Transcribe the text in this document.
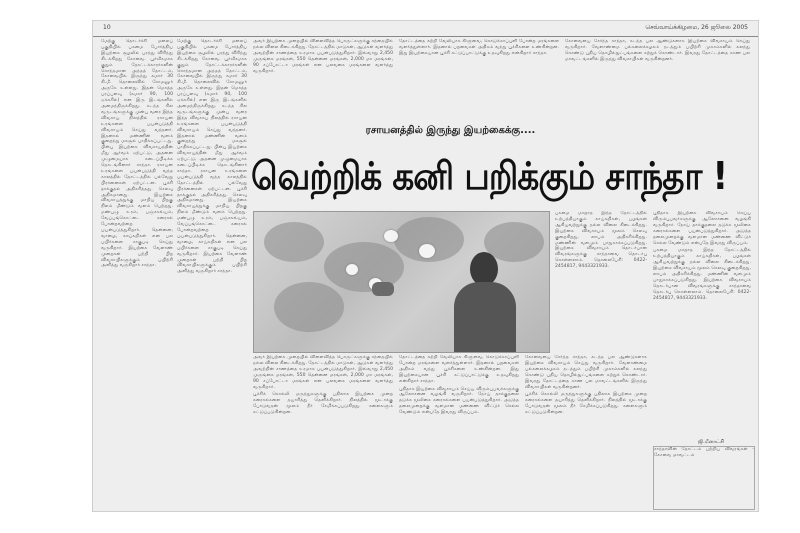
10	செவ்வாய்க்கிழமை, 26 ஜூலை 2005

மேற்கு தொடர்ச்சி மலைப் பகுதியில் பசுமை போர்த்திய இயற்கை சூழலில் பரந்து விரிந்து கிடக்கிறது கோவை. பூர்வீகமாக குறும் தோட்டக்காரர்களின் சொந்தமான அந்தத் தோட்டம், கோவையில் இருந்து சுமார் 30 கி.மீ. தொலைவில் சோமனூர் அருகே உள்ளது. இதன் மொத்த பரப்பளவு (சுமார் 90, 100 ஏக்கரில்) என இரு இடங்களில் அமைந்திருக்கிறது. கடந்த சில வருடங்களுக்கு முன்பு வரை இந்த விவசாய நிலத்தில் ரசாயன உரங்களை பயன்படுத்தி விவசாயம் செய்து வந்தனர். இதனால் மண்ணின் வளம் குறைந்து மகசூல் பாதிக்கப்பட்டது. பின்பு இயற்கை விவசாயத்தின் மீது ஆர்வம் ஏற்பட்டு, அதனை முழுமையாக கடைப்பிடிக்க தொடங்கினார் சாந்தா. ரசாயன உரங்களை பயன்படுத்தி வந்த காலத்தில் தோட்டத்தில் பல்வேறு பிரச்னைகள் ஏற்பட்டன. பூச்சி தாக்குதல் அதிகரித்தது. செலவு அதிகமானது. இயற்கை விவசாயத்துக்கு மாறிய பிறகு நிலம் மீண்டும் வளம் பெற்றது. மண்புழு உரம், பஞ்சகவ்யம், வேப்பங்கொட்டை கரைசல் போன்றவற்றை பயன்படுத்துகிறார். தென்னை, வாழை, காய்கறிகள் என பல பயிர்களை சாகுபடி செய்து வருகிறார். இயற்கை வேளாண் முறைகள் பற்றி பிற விவசாயிகளுக்கும் பயிற்சி அளித்து வருகிறார் சாந்தா.

மேற்கு தொடர்ச்சி மலைப் பகுதியில் பசுமை போர்த்திய இயற்கை சூழலில் பரந்து விரிந்து கிடக்கிறது கோவை. பூர்வீகமாக குறும் தோட்டக்காரர்களின் சொந்தமான அந்தத் தோட்டம், கோவையில் இருந்து சுமார் 30 கி.மீ. தொலைவில் சோமனூர் அருகே உள்ளது. இதன் மொத்த பரப்பளவு (சுமார் 90, 100 ஏக்கரில்) என இரு இடங்களில் அமைந்திருக்கிறது. கடந்த சில வருடங்களுக்கு முன்பு வரை இந்த விவசாய நிலத்தில் ரசாயன உரங்களை பயன்படுத்தி விவசாயம் செய்து வந்தனர். இதனால் மண்ணின் வளம் குறைந்து மகசூல் பாதிக்கப்பட்டது. பின்பு இயற்கை விவசாயத்தின் மீது ஆர்வம் ஏற்பட்டு, அதனை முழுமையாக கடைப்பிடிக்க தொடங்கினார் சாந்தா. ரசாயன உரங்களை பயன்படுத்தி வந்த காலத்தில் தோட்டத்தில் பல்வேறு பிரச்னைகள் ஏற்பட்டன. பூச்சி தாக்குதல் அதிகரித்தது. செலவு அதிகமானது. இயற்கை விவசாயத்துக்கு மாறிய பிறகு நிலம் மீண்டும் வளம் பெற்றது. மண்புழு உரம், பஞ்சகவ்யம், வேப்பங்கொட்டை கரைசல் போன்றவற்றை பயன்படுத்துகிறார். தென்னை, வாழை, காய்கறிகள் என பல பயிர்களை சாகுபடி செய்து வருகிறார். இயற்கை வேளாண் முறைகள் பற்றி பிற விவசாயிகளுக்கும் பயிற்சி அளித்து வருகிறார் சாந்தா.

அவர் இயற்கை முறையில் விளைவித்த பொருட்களுக்கு சந்தையில் நல்ல விலை கிடைக்கிறது. தோட்டத்தில் மாடுகள், ஆடுகள் வளர்த்து அவற்றின் சாணத்தை உரமாக பயன்படுத்துகிறார். இவ்வாறு 2,450 முருங்கை மரங்கள், 550 தென்னை மரங்கள், 2,000 மா மரங்கள், 90 சப்போட்டா மரங்கள் என பலவகை மரங்களை வளர்த்து வருகிறார்.

தோட்டத்தை சுற்றி வேலியாக கிளுவை, கொடுக்காப்புளி போன்ற மரங்களை வளர்த்துள்ளார். இதனால் பறவைகள் அதிகம் வந்து பூச்சிகளை உண்கின்றன. இது இயற்கையான பூச்சி கட்டுப்பாட்டுக்கு உதவுகிறது என்கிறார் சாந்தா.

கோவையை சேர்ந்த சாந்தா, கடந்த பல ஆண்டுகளாக இயற்கை விவசாயம் செய்து வருகிறார். வேளாண்மை பல்கலைக்கழகம் நடத்தும் பயிற்சி முகாம்களில் கலந்து கொண்டு புதிய தொழில்நுட்பங்களை கற்றுக் கொண்டார். இவரது தோட்டத்தை காண பல மாவட்டங்களில் இருந்து விவசாயிகள் வருகின்றனர்.

ரசாயனத்தில் இருந்து இயற்கைக்கு....
வெற்றிக் கனி பறிக்கும் சாந்தா !

பசுமை மாறாத இந்த தோட்டத்தில் உற்பத்தியாகும் காய்கறிகள், பழங்கள் ஆகியவற்றுக்கு நல்ல விலை கிடைக்கிறது. இயற்கை விவசாயம் மூலம் செலவு குறைகிறது, லாபம் அதிகரிக்கிறது. மண்ணின் வளமும் பாதுகாக்கப்படுகிறது. இயற்கை விவசாயம் தொடர்பான விவரங்களுக்கு சாந்தாவை தொடர்பு கொள்ளலாம். தொலைபேசி: 0422-2454817, 9443321933.

புதிதாக இயற்கை விவசாயம் செய்ய விரும்புபவர்களுக்கு ஆலோசனை வழங்கி வருகிறார். நோய் தாக்குதலை தடுக்க மூலிகை கரைசல்களை பயன்படுத்துகிறார். அடுத்த தலைமுறைக்கு வளமான மண்ணை விட்டுச் செல்ல வேண்டும் என்பதே இவரது விருப்பம்.

பசுமை மாறாத இந்த தோட்டத்தில் உற்பத்தியாகும் காய்கறிகள், பழங்கள் ஆகியவற்றுக்கு நல்ல விலை கிடைக்கிறது. இயற்கை விவசாயம் மூலம் செலவு குறைகிறது, லாபம் அதிகரிக்கிறது. மண்ணின் வளமும் பாதுகாக்கப்படுகிறது. இயற்கை விவசாயம் தொடர்பான விவரங்களுக்கு சாந்தாவை தொடர்பு கொள்ளலாம். தொலைபேசி: 0422-2454817, 9443321933.

அவர் இயற்கை முறையில் விளைவித்த பொருட்களுக்கு சந்தையில் நல்ல விலை கிடைக்கிறது. தோட்டத்தில் மாடுகள், ஆடுகள் வளர்த்து அவற்றின் சாணத்தை உரமாக பயன்படுத்துகிறார். இவ்வாறு 2,450 முருங்கை மரங்கள், 550 தென்னை மரங்கள், 2,000 மா மரங்கள், 90 சப்போட்டா மரங்கள் என பலவகை மரங்களை வளர்த்து வருகிறார்.

பூச்சிக் கொல்லி மருந்துகளுக்கு பதிலாக இயற்கை முறை கரைசல்களை தயாரித்து தெளிக்கிறார். நிலத்தில் மூடாக்கு போடுவதன் மூலம் நீர் சேமிக்கப்படுகிறது. களைகளும் கட்டுப்படுகின்றன.

தோட்டத்தை சுற்றி வேலியாக கிளுவை, கொடுக்காப்புளி போன்ற மரங்களை வளர்த்துள்ளார். இதனால் பறவைகள் அதிகம் வந்து பூச்சிகளை உண்கின்றன. இது இயற்கையான பூச்சி கட்டுப்பாட்டுக்கு உதவுகிறது என்கிறார் சாந்தா.

புதிதாக இயற்கை விவசாயம் செய்ய விரும்புபவர்களுக்கு ஆலோசனை வழங்கி வருகிறார். நோய் தாக்குதலை தடுக்க மூலிகை கரைசல்களை பயன்படுத்துகிறார். அடுத்த தலைமுறைக்கு வளமான மண்ணை விட்டுச் செல்ல வேண்டும் என்பதே இவரது விருப்பம்.

கோவையை சேர்ந்த சாந்தா, கடந்த பல ஆண்டுகளாக இயற்கை விவசாயம் செய்து வருகிறார். வேளாண்மை பல்கலைக்கழகம் நடத்தும் பயிற்சி முகாம்களில் கலந்து கொண்டு புதிய தொழில்நுட்பங்களை கற்றுக் கொண்டார். இவரது தோட்டத்தை காண பல மாவட்டங்களில் இருந்து விவசாயிகள் வருகின்றனர்.

பூச்சிக் கொல்லி மருந்துகளுக்கு பதிலாக இயற்கை முறை கரைசல்களை தயாரித்து தெளிக்கிறார். நிலத்தில் மூடாக்கு போடுவதன் மூலம் நீர் சேமிக்கப்படுகிறது. களைகளும் கட்டுப்படுகின்றன.

ஜி.மீனாட்சி

சாந்தாவின் தோட்டம் பற்றிய விவரங்கள் - கோவை மாவட்டம்
